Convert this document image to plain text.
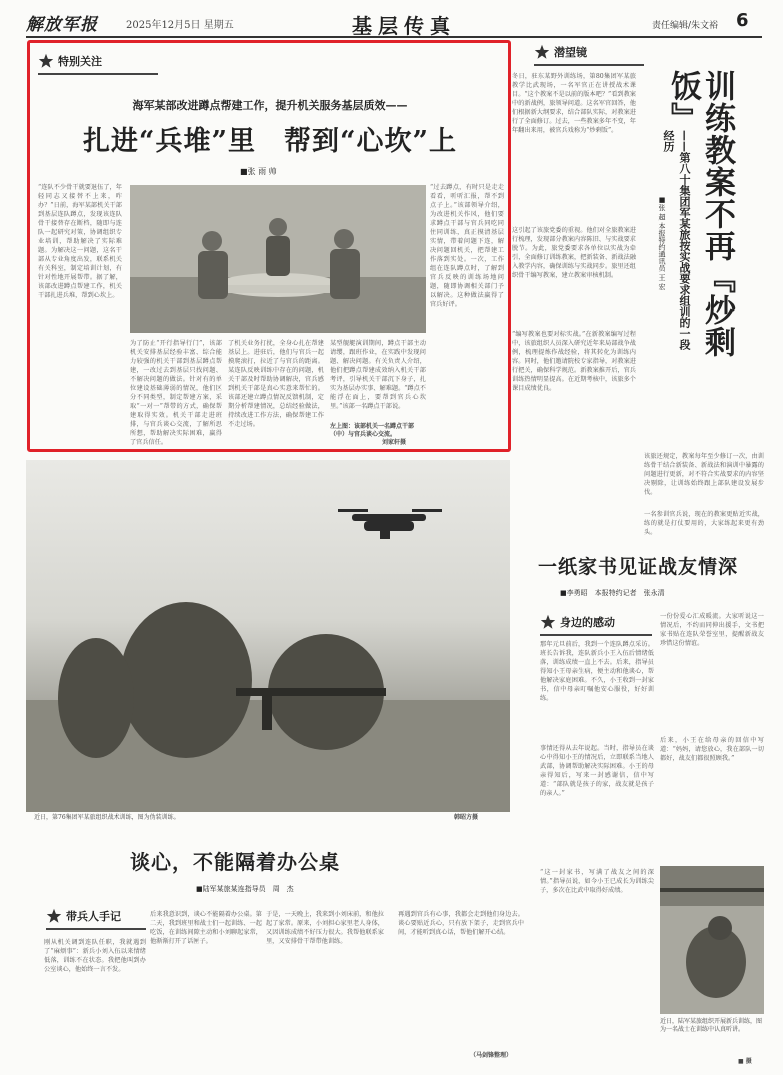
解放军报	2025年12月5日 星期五	基层传真	责任编辑/朱文裕 6
特别关注
海军某部改进蹲点帮建工作，提升机关服务基层质效——
扎进“兵堆”里　帮到“心坎”上
■张 雨 帅
“连队不少骨干就要退伍了，年轻同志又接替不上来，咋办？”日前，海军某部机关干部到基层连队蹲点，发现该连队骨干接替存在断档，随即与连队一起研究对策，协调组织专业培训，帮助解决了实际难题。为解决这一问题，这名干部从专业角度出发，联系机关有关科室，制定培训计划，有针对性地开展帮带。据了解，该部改进蹲点帮建工作，机关干部扎进兵堆，帮到心坎上。
“过去蹲点，有时只是走走看看，听听汇报，帮不到点子上。”该部领导介绍，为改进机关作风，他们要求蹲点干部与官兵同吃同住同训练，真正摸清基层实情，带着问题下连，解决问题回机关，把帮建工作落到实处。一次，工作组在连队蹲点时，了解到官兵反映的训练场地问题，随即协调相关部门予以解决。这种做法赢得了官兵好评。
为了防止“开行指导行门”，该部机关安排基层经验丰富、综合能力较强的机关干部到基层蹲点帮建，一改过去到基层只找问题、不解决问题的做法。针对有的单位建设基础薄弱的情况，他们区分不同类型，制定帮建方案，采取“一对一”帮带的方式，确保帮建取得实效。机关干部走进班排，与官兵谈心交流，了解所思所想，帮助解决实际困难，赢得了官兵信任。
了机关业务打扰，全身心扎在帮建基层上。进驻后，他们与官兵一起摸爬滚打，拉近了与官兵的距离。某连队反映训练中存在的问题，机关干部及时帮助协调解决，官兵感到机关干部是真心实意来帮忙的。该部还建立蹲点情况反馈机制，定期分析帮建情况，总结经验做法，持续改进工作方法，确保帮建工作不走过场。
某型舰艇演训期间，蹲点干部主动请缨，跟班作业，在实践中发现问题、解决问题。有关负责人介绍，他们把蹲点帮建成效纳入机关干部考评，引导机关干部沉下身子，扎实为基层办实事、解难题。“蹲点不能浮在面上，要帮到官兵心坎里。”该部一名蹲点干部说。
左上图：该部机关一名蹲点干部（中）与官兵谈心交流。
刘家轩摄
潜望镜
冬日，驻东某野外训练场，第80集团军某旅教学比武现场，一名军官正在讲授战术课目。“这个教案不是以前的版本吧？”看到教案中的新战例，旅领导问道。这名军官回答，他们根据新大纲要求，结合部队实际，对教案进行了全面修订。过去，一些教案多年不变，年年翻出来用，被官兵戏称为“炒剩饭”。
这引起了该旅党委的重视。他们对全旅教案进行梳理，发现部分教案内容陈旧、与实战要求脱节。为此，旅党委要求各单位以实战为牵引，全面修订训练教案，把新装备、新战法融入教学内容，确保训练与实战同步。旅里还组织骨干编写教案，建立教案审核机制。
“编写教案也要对标实战。”在新教案编写过程中，该旅组织人员深入研究近年来局部战争战例，梳理提炼作战经验，将其转化为训练内容。同时，他们邀请院校专家指导，对教案进行把关，确保科学规范。新教案推开后，官兵训练热情明显提高。在近期考核中，该旅多个课目成绩优良。
训练教案不再『炒剩饭』
——第八十集团军某旅按实战要求组训的一段经历
■张 超 本报特约通讯员 王 宏
该旅还规定，教案每年至少修订一次，由训练骨干结合新装备、新战法和演训中暴露的问题进行更新，对不符合实战要求的内容坚决剔除，让训练始终跟上部队建设发展步伐。
一名参训官兵说，现在的教案更贴近实战，练的就是打仗要用的，大家练起来更有劲头。
近日，第76集团军某旅组织战术训练，图为伪装训练。	韩昭方摄
一纸家书见证战友情深
■李勇昭　本报特约记者　张永清
身边的感动
那年元旦前后，我到一个连队蹲点采访。班长告诉我，连队新兵小王入伍后情绪低落，训练成绩一直上不去。后来，指导员得知小王母亲生病，便主动和他谈心，帮他解决家庭困难。不久，小王收到一封家书，信中母亲叮嘱他安心服役，好好训练。
事情还得从去年说起。当时，指导员在谈心中得知小王的情况后，立即联系当地人武部，协调帮助解决实际困难。小王的母亲得知后，写来一封感谢信，信中写道：“部队就是孩子的家，战友就是孩子的亲人。”
一份份爱心汇成暖流。大家听说这一情况后，不约而同伸出援手，文书把家书贴在连队荣誉室里，提醒新战友珍惜这份情谊。
后来，小王在给母亲的回信中写道：“妈妈，请您放心，我在部队一切都好，战友们都很照顾我。”
“这一封家书，写满了战友之间的深情。”指导员说，如今小王已成长为训练尖子，多次在比武中取得好成绩。
近日，陆军某旅组织开展新兵训练，图为一名战士在训练中认真听讲。
■ 摄
谈心，不能隔着办公桌
■陆军某旅某连指导员　周　杰
带兵人手记
刚从机关调到连队任职，我就遇到了“麻烦事”：新兵小刘入伍以来情绪低落，训练不在状态。我把他叫到办公室谈心，他始终一言不发。
后来我意识到，谈心不能隔着办公桌。第二天，我到班里和战士们一起训练、一起吃饭，在训练间隙主动和小刘聊起家常，他渐渐打开了话匣子。
于是，一天晚上，我来到小刘床前，和他拉起了家常。原来，小刘担心家里老人身体，又因训练成绩不好压力很大。我帮他联系家里，又安排骨干帮带他训练。
再遇到官兵有心事，我都会走到他们身边去。谈心要贴近兵心，只有放下架子，走到官兵中间，才能听到真心话，帮他们解开心结。
（马剑锋整理）
